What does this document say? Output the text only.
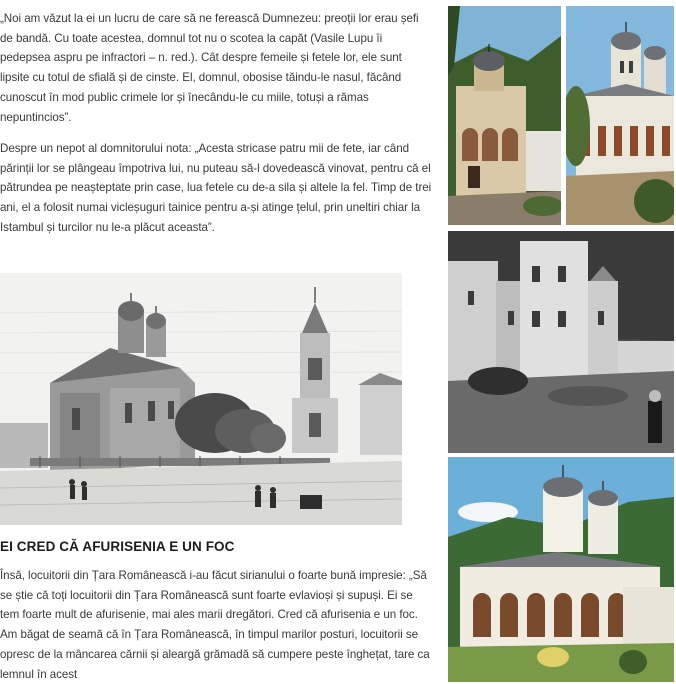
„Noi am văzut la ei un lucru de care să ne ferească Dumnezeu: preoții lor erau șefi de bandă. Cu toate acestea, domnul tot nu o scotea la capăt (Vasile Lupu îi pedepsea aspru pe infractori – n. red.). Cât despre femeile și fetele lor, ele sunt lipsite cu totul de sfială și de cinste. El, domnul, obosise tăindu-le nasul, făcând cunoscut în mod public crimele lor și înecându-le cu miile, totuși a rămas nepuntincios”.

Despre un nepot al domnitorului nota: „Acesta stricase patru mii de fete, iar când părinții lor se plângeau împotriva lui, nu puteau să-l dovedească vinovat, pentru că el pătrundea pe neașteptate prin case, lua fetele cu de-a sila și altele la fel. Timp de trei ani, el a folosit numai vicleșuguri tainice pentru a-și atinge țelul, prin uneltiri chiar la Istambul și turcilor nu le-a plăcut aceasta”.

EI CRED CĂ AFURISENIA E UN FOC

Însă, locuitorii din Țara Românească i-au făcut sirianului o foarte bună impresie: „Să se știe că toți locuitorii din Țara Românească sunt foarte evlavioși și supuși. Ei se tem foarte mult de afurisenie, mai ales marii dregători. Cred că afurisenia e un foc. Am băgat de seamă că în Țara Românească, în timpul marilor posturi, locuitorii se opresc de la mâncarea cărnii și aleargă grămadă să cumpere peste înghețat, tare ca lemnul în acest
